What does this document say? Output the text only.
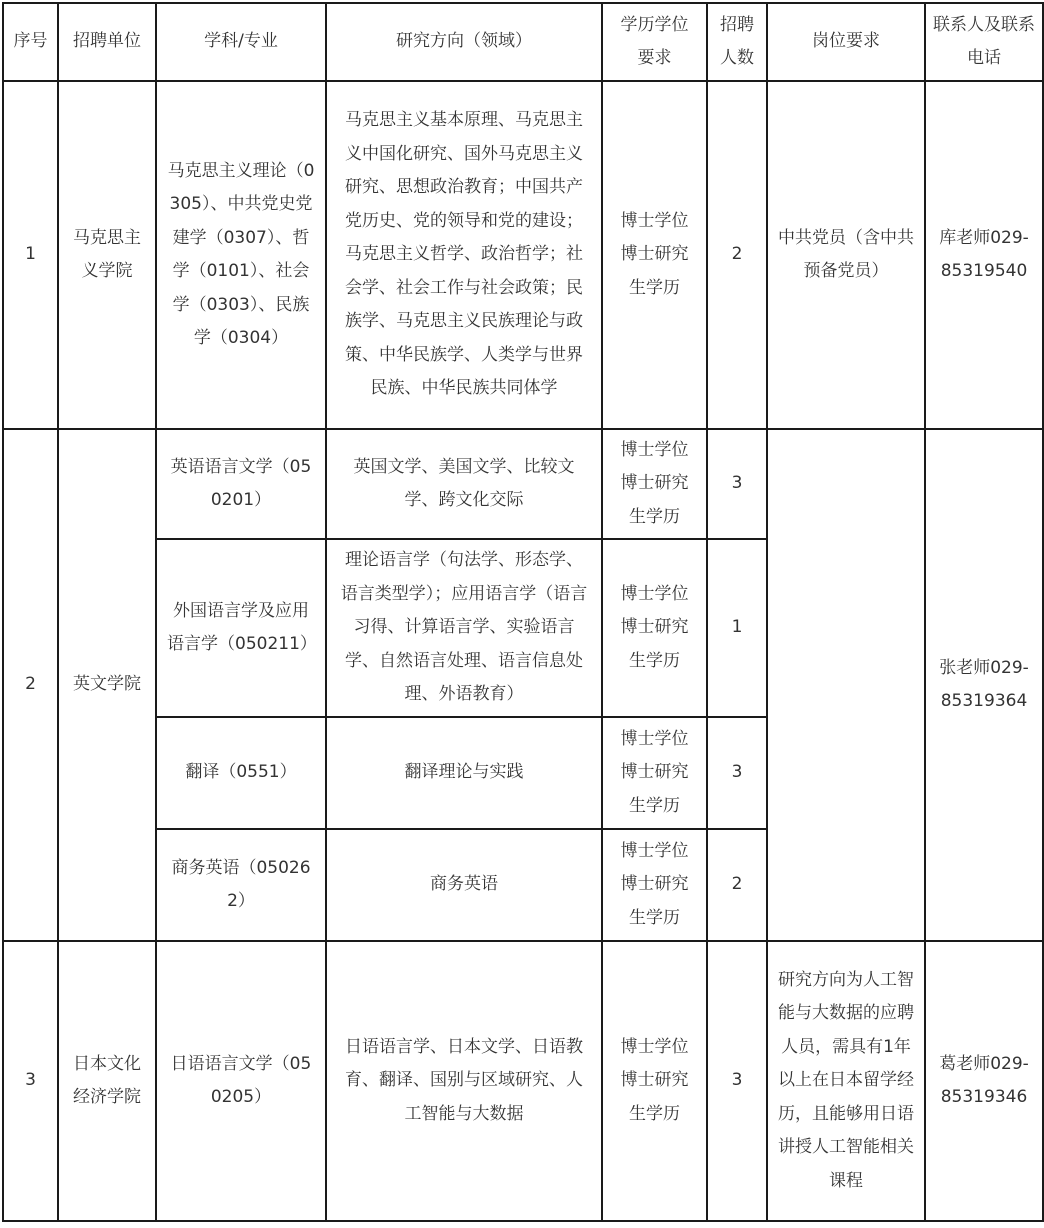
序号	招聘单位	学科/专业	研究方向（领域）	学历学位要求	招聘人数	岗位要求	联系人及联系电话
1	马克思主义学院	马克思主义理论（0305）、中共党史党建学（0307）、哲学（0101）、社会学（0303）、民族学（0304）	马克思主义基本原理、马克思主义中国化研究、国外马克思主义研究、思想政治教育；中国共产党历史、党的领导和党的建设；马克思主义哲学、政治哲学；社会学、社会工作与社会政策；民族学、马克思主义民族理论与政策、中华民族学、人类学与世界民族、中华民族共同体学	博士学位博士研究生学历	2	中共党员（含中共预备党员）	库老师029-85319540
2	英文学院	英语语言文学（050201）	英国文学、美国文学、比较文学、跨文化交际	博士学位博士研究生学历	3		张老师029-85319364
		外国语言学及应用语言学（050211）	理论语言学（句法学、形态学、语言类型学）；应用语言学（语言习得、计算语言学、实验语言学、自然语言处理、语言信息处理、外语教育）	博士学位博士研究生学历	1		
		翻译（0551）	翻译理论与实践	博士学位博士研究生学历	3		
		商务英语（050262）	商务英语	博士学位博士研究生学历	2		
3	日本文化经济学院	日语语言文学（050205）	日语语言学、日本文学、日语教育、翻译、国别与区域研究、人工智能与大数据	博士学位博士研究生学历	3	研究方向为人工智能与大数据的应聘人员，需具有1年以上在日本留学经历，且能够用日语讲授人工智能相关课程	葛老师029-85319346
